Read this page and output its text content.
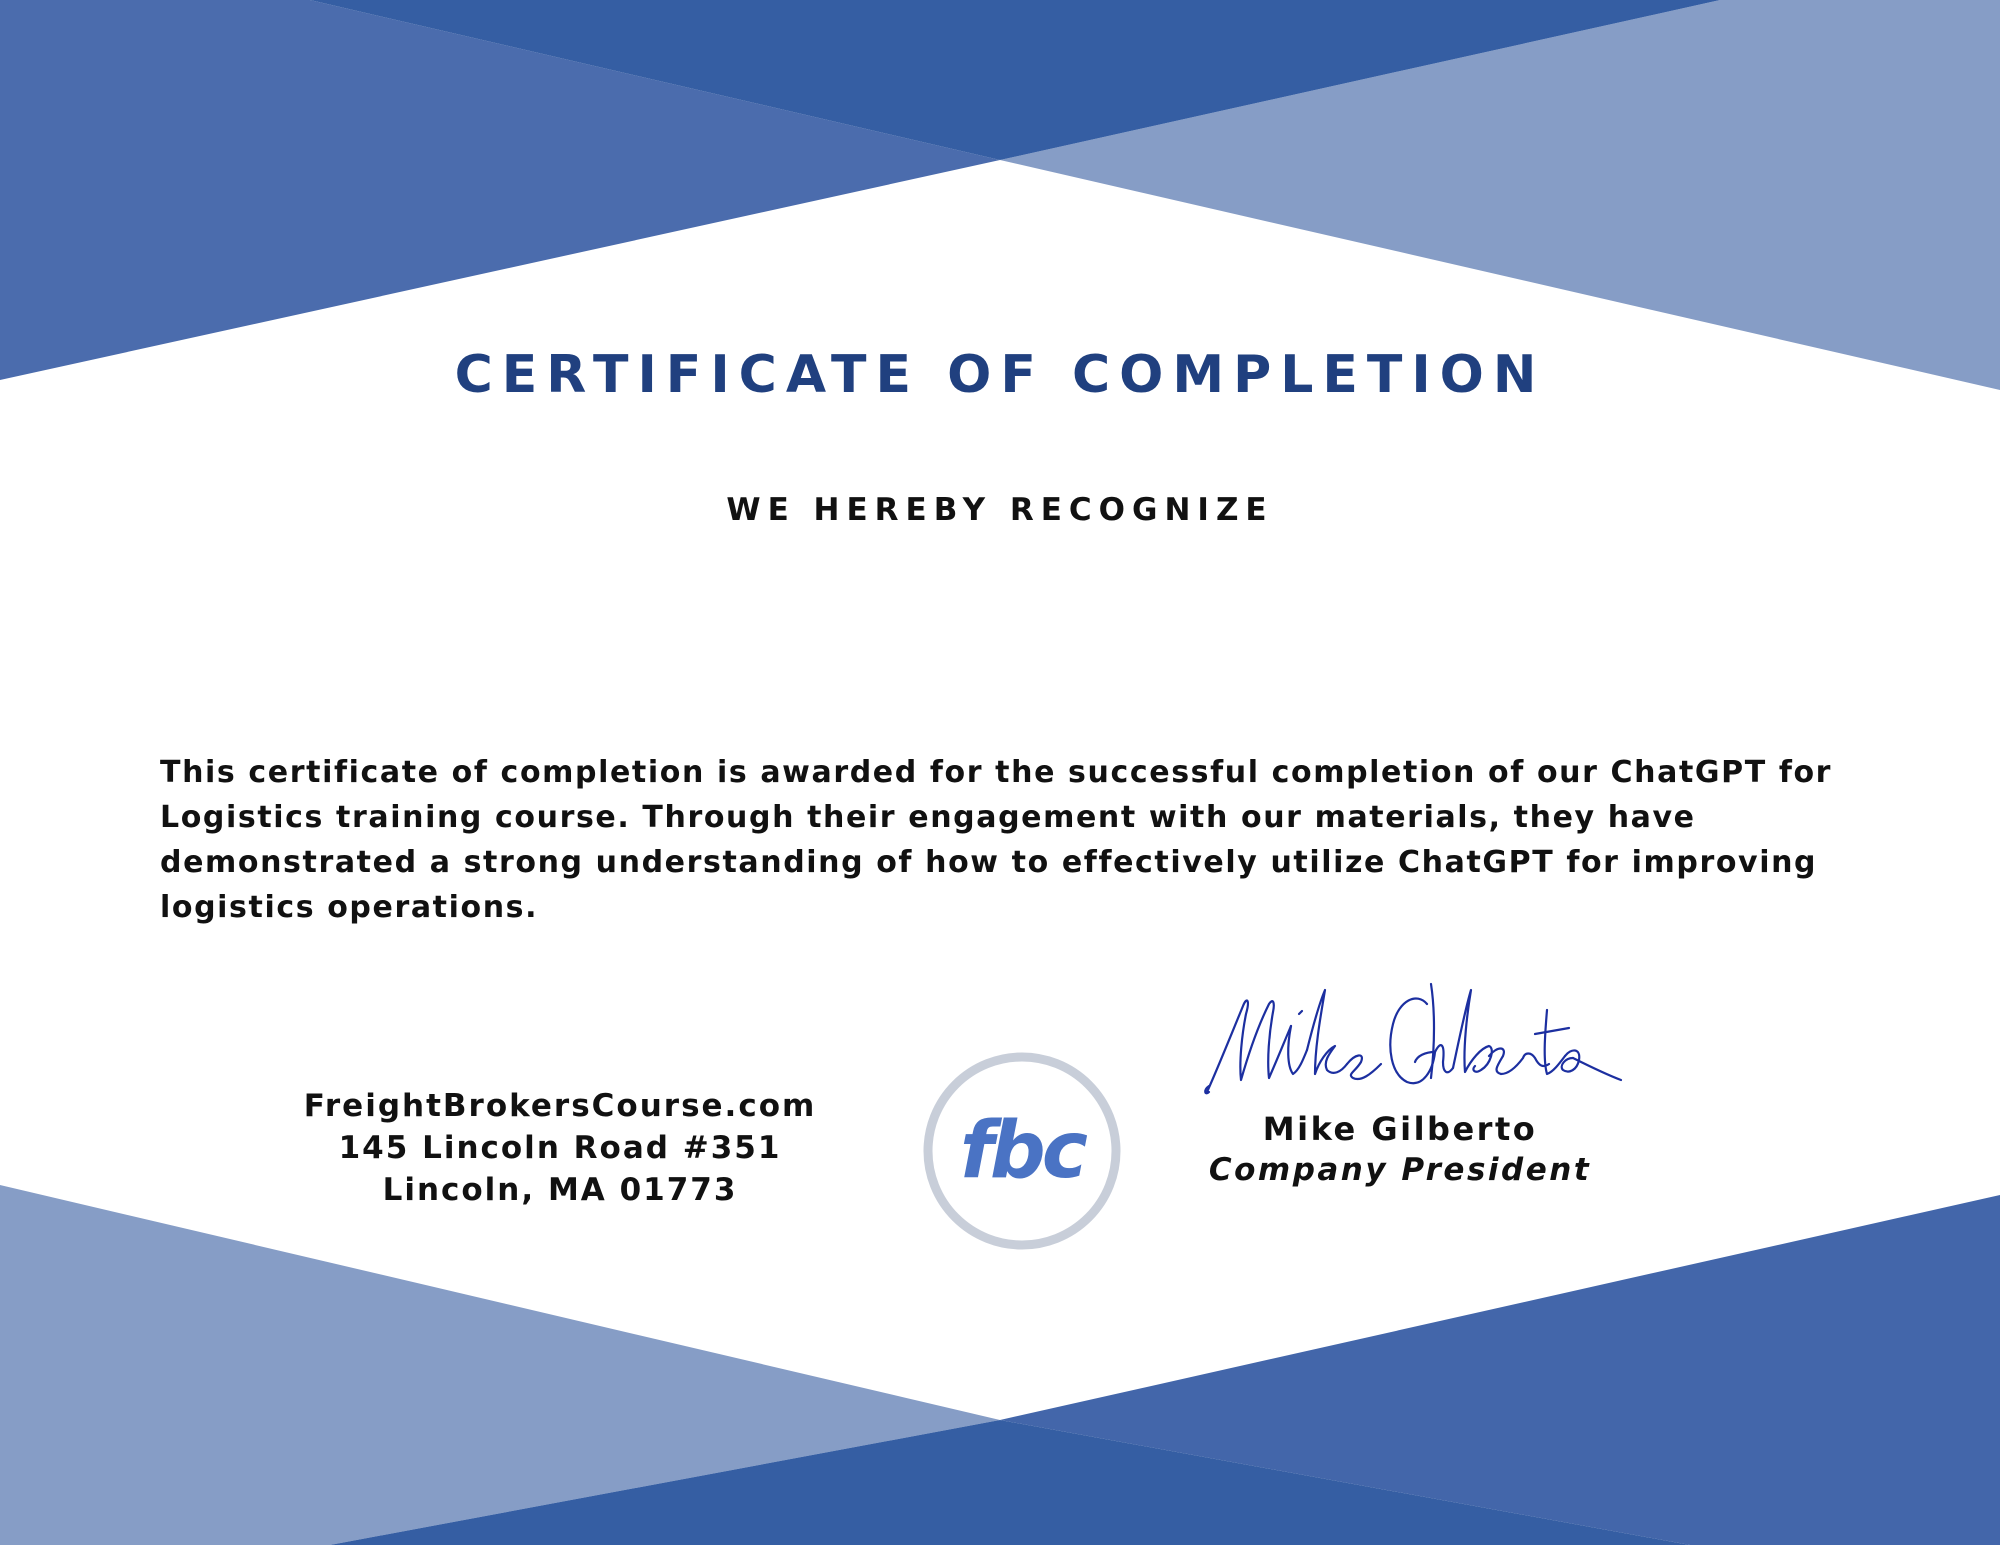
CERTIFICATE OF COMPLETION
WE HEREBY RECOGNIZE

This certificate of completion is awarded for the successful completion of our ChatGPT for Logistics training course. Through their engagement with our materials, they have demonstrated a strong understanding of how to effectively utilize ChatGPT for improving logistics operations.

FreightBrokersCourse.com
145 Lincoln Road #351
Lincoln, MA 01773	fbc	Mike Gilberto
Company President
